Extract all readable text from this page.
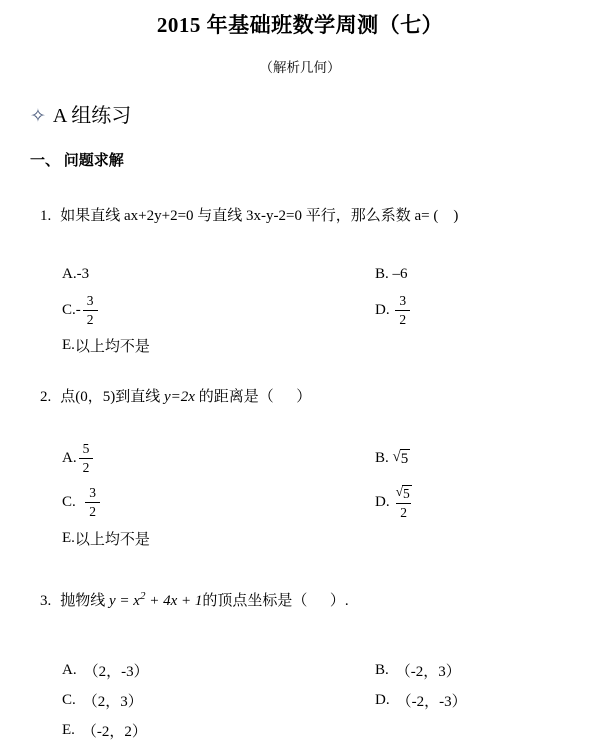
2015 年基础班数学周测（七）
（解析几何）
✧ A 组练习
一、 问题求解

1. 如果直线 ax+2y+2=0 与直线 3x-y-2=0 平行，那么系数 a= (    )

A. -3	B. –6
C. - $\frac{3}{2}$	D. $\frac{3}{2}$
E. 以上均不是

2. 点(0，5)到直线 y=2x 的距离是（      ）

A. $\frac{5}{2}$	B. √ 5
C. $\frac{3}{2}$	D. $\frac{√ 5}{2}$
E. 以上均不是

3. 抛物线 $y = x^2 + 4x + 1$的顶点坐标是（      ）.

A. （2，-3）	B. （-2，3）
C. （2，3）	D. （-2，-3）
E. （-2，2）
